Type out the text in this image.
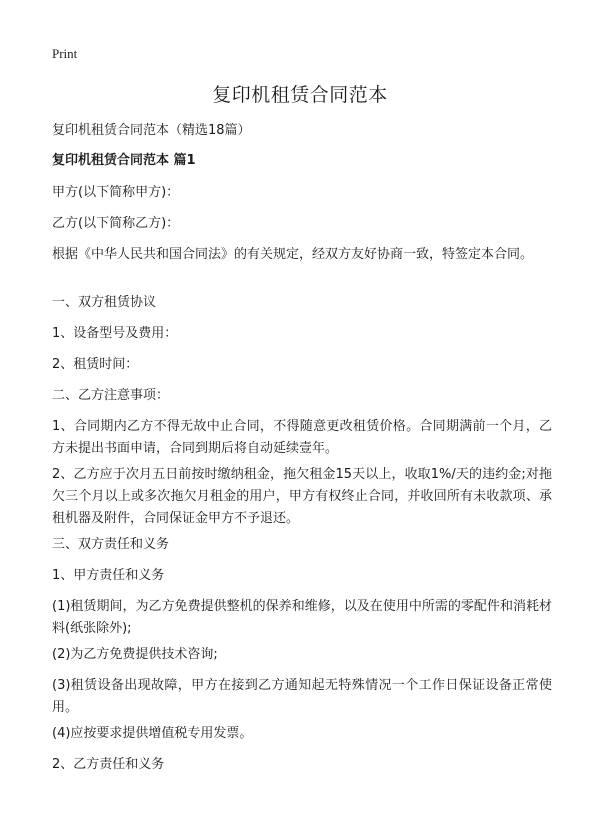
Print
复印机租赁合同范本

复印机租赁合同范本（精选18篇）

复印机租赁合同范本 篇1

甲方(以下简称甲方)：

乙方(以下简称乙方)：

根据《中华人民共和国合同法》的有关规定，经双方友好协商一致，特签定本合同。

一、双方租赁协议

1、设备型号及费用：

2、租赁时间：

二、乙方注意事项：

1、合同期内乙方不得无故中止合同，不得随意更改租赁价格。合同期满前一个月，乙方未提出书面申请，合同到期后将自动延续壹年。

2、乙方应于次月五日前按时缴纳租金，拖欠租金15天以上，收取1%/天的违约金;对拖欠三个月以上或多次拖欠月租金的用户，甲方有权终止合同，并收回所有未收款项、承租机器及附件，合同保证金甲方不予退还。

三、双方责任和义务

1、甲方责任和义务

(1)租赁期间，为乙方免费提供整机的保养和维修，以及在使用中所需的零配件和消耗材料(纸张除外);

(2)为乙方免费提供技术咨询;

(3)租赁设备出现故障，甲方在接到乙方通知起无特殊情况一个工作日保证设备正常使用。

(4)应按要求提供增值税专用发票。

2、乙方责任和义务
